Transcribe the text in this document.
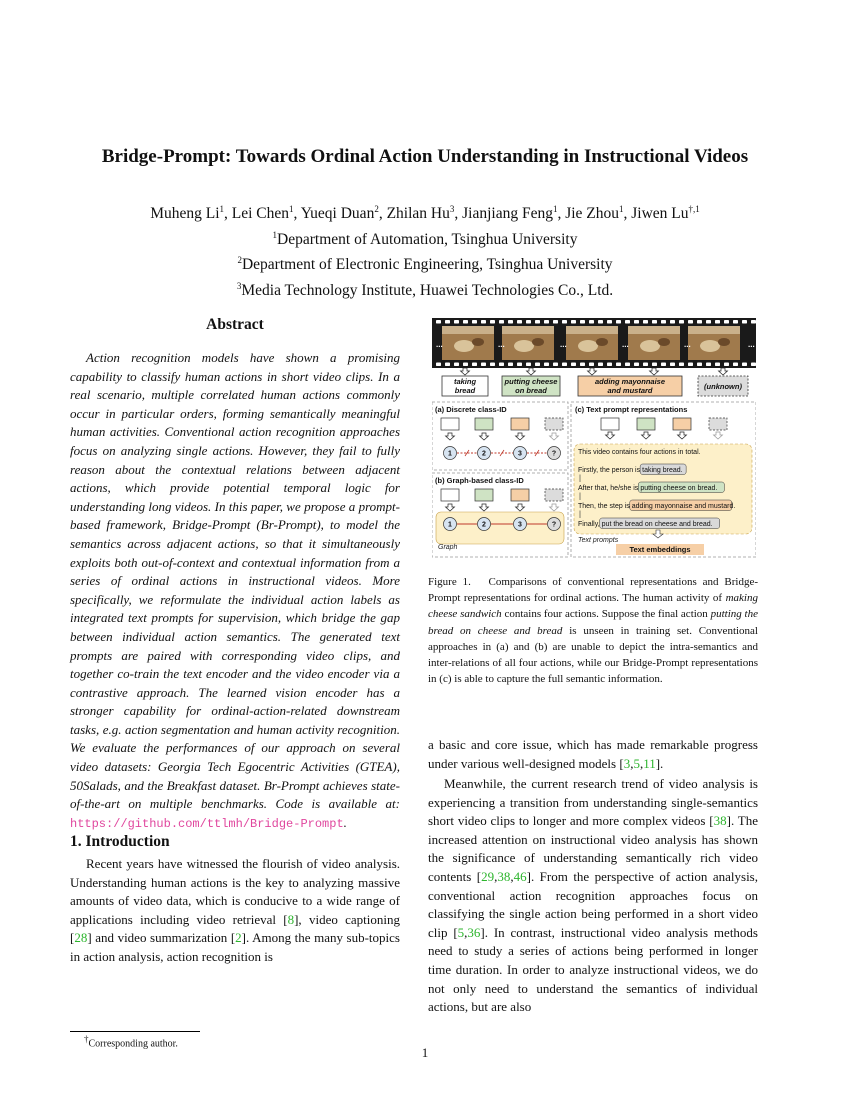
Bridge-Prompt: Towards Ordinal Action Understanding in Instructional Videos
Muheng Li$^1$, Lei Chen$^1$, Yueqi Duan$^2$, Zhilan Hu$^3$, Jianjiang Feng$^1$, Jie Zhou$^1$, Jiwen $Lu^{\dagger,1}$
$^1$Department of Automation, Tsinghua University
$^2$Department of Electronic Engineering, Tsinghua University
$^3$Media Technology Institute, Huawei Technologies Co., Ltd.
Abstract
Action recognition models have shown a promising capability to classify human actions in short video clips. In a real scenario, multiple correlated human actions commonly occur in particular orders, forming semantically meaningful human activities. Conventional action recognition approaches focus on analyzing single actions. However, they fail to fully reason about the contextual relations between adjacent actions, which provide potential temporal logic for understanding long videos. In this paper, we propose a prompt-based framework, Bridge-Prompt (Br-Prompt), to model the semantics across adjacent actions, so that it simultaneously exploits both out-of-context and contextual information from a series of ordinal actions in instructional videos. More specifically, we reformulate the individual action labels as integrated text prompts for supervision, which bridge the gap between individual action semantics. The generated text prompts are paired with corresponding video clips, and together co-train the text encoder and the video encoder via a contrastive approach. The learned vision encoder has a stronger capability for ordinal-action-related downstream tasks, e.g. action segmentation and human activity recognition. We evaluate the performances of our approach on several video datasets: Georgia Tech Egocentric Activities (GTEA), 50Salads, and the Breakfast dataset. Br-Prompt achieves state-of-the-art on multiple benchmarks. Code is available at: https://github.com/ttlmh/Bridge-Prompt.
1. Introduction
Recent years have witnessed the flourish of video analysis. Understanding human actions is the key to analyzing massive amounts of video data, which is conducive to a wide range of applications including video retrieval [8], video captioning [28] and video summarization [2]. Among the many sub-topics in action analysis, action recognition is
†Corresponding author.
...	...	...	...	...	...
taking
bread
putting cheese
on bread
adding mayonnaise
and mustard	(unknown)
(a) Discrete class-ID
(b) Graph-based class-ID
(c) Text prompt representations
1	2	3	?
1	2	3	?
Graph
This video contains four actions in total.
Firstly, the person is taking bread.
After that, he/she is putting cheese on bread.
Then, the step is adding mayonnaise and mustard.
Finally, put the bread on cheese and bread.
Text prompts
Text embeddings
Figure 1. Comparisons of conventional representations and Bridge-Prompt representations for ordinal actions. The human activity of making cheese sandwich contains four actions. Suppose the final action putting the bread on cheese and bread is unseen in training set. Conventional approaches in (a) and (b) are unable to depict the intra-semantics and inter-relations of all four actions, while our Bridge-Prompt representations in (c) is able to capture the full semantic information.
a basic and core issue, which has made remarkable progress under various well-designed models [3,5,11].
Meanwhile, the current research trend of video analysis is experiencing a transition from understanding single-semantics short video clips to longer and more complex videos [38]. The increased attention on instructional video analysis has shown the significance of understanding semantically rich video contents [29,38,46]. From the perspective of action analysis, conventional action recognition approaches focus on classifying the single action being performed in a short video clip [5,36]. In contrast, instructional video analysis methods need to study a series of actions being performed in longer time duration. In order to analyze instructional videos, we do not only need to understand the semantics of individual actions, but are also
1
